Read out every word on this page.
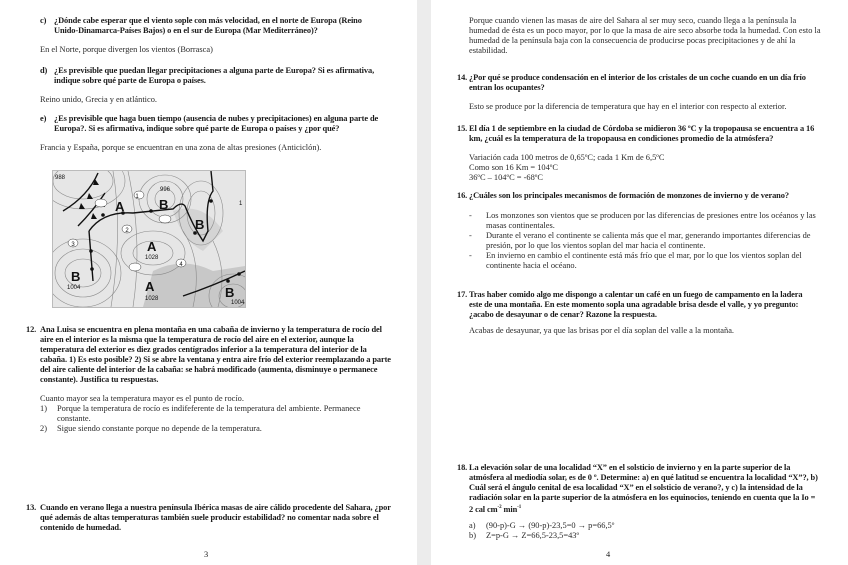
c) ¿Dónde cabe esperar que el viento sople con más velocidad, en el norte de Europa (Reino Unido-Dinamarca-Países Bajos) o en el sur de Europa (Mar Mediterráneo)?
En el Norte, porque divergen los vientos (Borrasca)
d) ¿Es previsible que puedan llegar precipitaciones a alguna parte de Europa? Si es afirmativa, indique sobre qué parte de Europa o países.
Reino unido, Grecia y en atlántico.
e) ¿Es previsible que haga buen tiempo (ausencia de nubes y precipitaciones) en alguna parte de Europa?. Si es afirmativa, indique sobre qué parte de Europa o países y ¿por qué?
Francia y España, porque se encuentran en una zona de altas presiones (Anticiclón).
988
996
1
2
3
4
1
A
A
A
B
B
B
B
1028
1028
1004
1004
12. Ana Luisa se encuentra en plena montaña en una cabaña de invierno y la temperatura de rocío del aire en el interior es la misma que la temperatura de rocío del aire en el exterior, aunque la temperatura del exterior es diez grados centígrados inferior a la temperatura del interior de la cabaña. 1) Es esto posible? 2) Si se abre la ventana y entra aire frío del exterior reemplazando a parte del aire caliente del interior de la cabaña: se habrá modificado (aumenta, disminuye o permanece constante). Justifica tu respuestas.
Cuanto mayor sea la temperatura mayor es el punto de rocío.
1) Porque la temperatura de rocío es indifeferente de la temperatura del ambiente. Permanece constante.
2) Sigue siendo constante porque no depende de la temperatura.
13. Cuando en verano llega a nuestra península Ibérica masas de aire cálido procedente del Sahara, ¿por qué además de altas temperaturas también suele producir estabilidad? no comentar nada sobre el contenido de humedad.
3
Porque cuando vienen las masas de aire del Sahara al ser muy seco, cuando llega a la península la humedad de ésta es un poco mayor, por lo que la masa de aire seco absorbe toda la humedad. Con esto la humedad de la península baja con la consecuencia de producirse pocas precipitaciones y de ahí la estabilidad.
14. ¿Por qué se produce condensación en el interior de los cristales de un coche cuando en un día frío entran los ocupantes?
Esto se produce por la diferencia de temperatura que hay en el interior con respecto al exterior.
15. El día 1 de septiembre en la ciudad de Córdoba se midieron 36 ºC y la tropopausa se encuentra a 16 km, ¿cuál es la temperatura de la tropopausa en condiciones promedio de la atmósfera?
Variación cada 100 metros de 0,65ºC; cada 1 Km de 6,5ºC
Como son 16 Km = 104ºC
36ºC – 104ºC = -68ºC
16. ¿Cuáles son los principales mecanismos de formación de monzones de invierno y de verano?
- Los monzones son vientos que se producen por las diferencias de presiones entre los océanos y las masas continentales.
- Durante el verano el continente se calienta más que el mar, generando importantes diferencias de presión, por lo que los vientos soplan del mar hacia el continente.
- En invierno en cambio el continente está más frío que el mar, por lo que los vientos soplan del continente hacia el océano.
17. Tras haber comido algo me dispongo a calentar un café en un fuego de campamento en la ladera este de una montaña. En este momento sopla una agradable brisa desde el valle, y yo pregunto: ¿acabo de desayunar o de cenar? Razone la respuesta.
Acabas de desayunar, ya que las brisas por el día soplan del valle a la montaña.
18. La elevación solar de una localidad “X” en el solsticio de invierno y en la parte superior de la atmósfera al mediodía solar, es de 0 º. Determine: a) en qué latitud se encuentra la localidad “X”?, b) Cuál será el ángulo cenital de esa localidad “X” en el solsticio de verano?, y c) la intensidad de la radiación solar en la parte superior de la atmósfera en los equinocios, teniendo en cuenta que la Io = 2 cal $cm^{-2}$ $\min^{-1}$
a) (90-p)-G → (90-p)-23,5=0 → p=66,5º
b) Z=p-G → Z=66,5-23,5=43º
4
